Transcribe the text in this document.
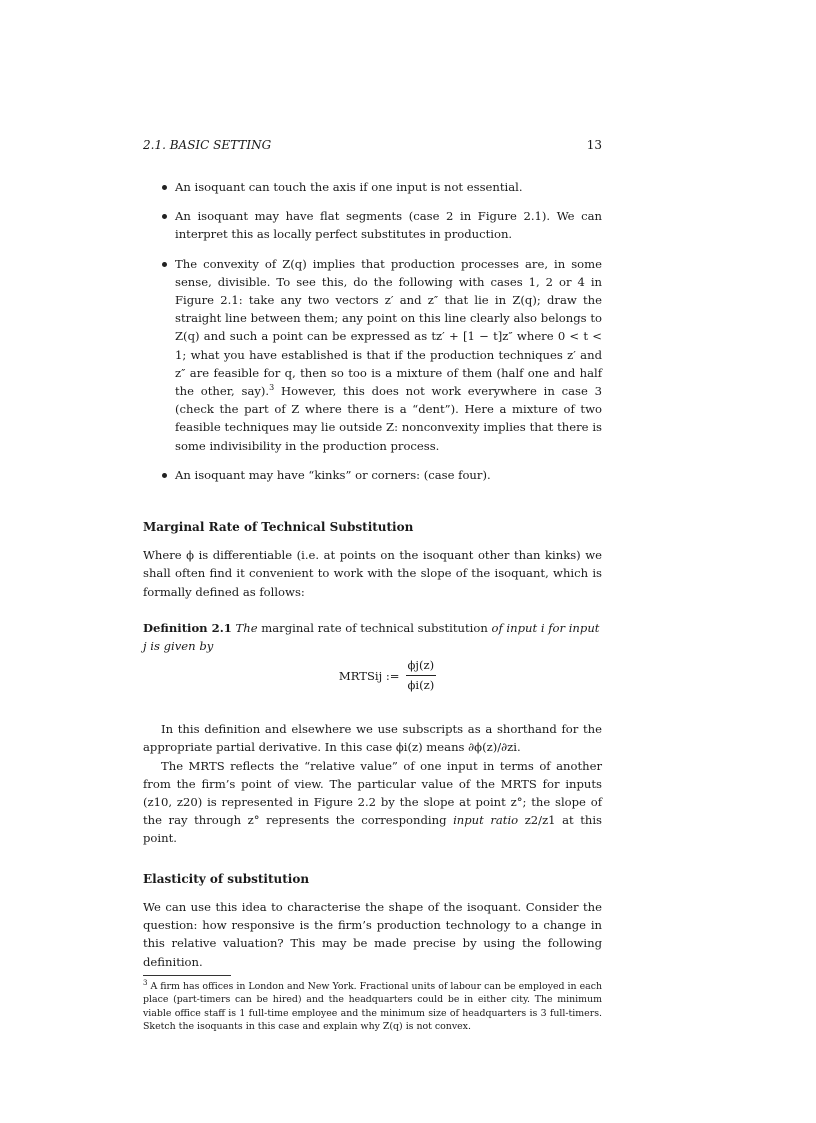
2.1. BASIC SETTING	13
An isoquant can touch the axis if one input is not essential.
An isoquant may have flat segments (case 2 in Figure 2.1). We can interpret this as locally perfect substitutes in production.
The convexity of Z(q) implies that production processes are, in some sense, divisible. To see this, do the following with cases 1, 2 or 4 in Figure 2.1: take any two vectors z′ and z″ that lie in Z(q); draw the straight line between them; any point on this line clearly also belongs to Z(q) and such a point can be expressed as tz′ + [1 − t]z″ where 0 < t < 1; what you have established is that if the production techniques z′ and z″ are feasible for q, then so too is a mixture of them (half one and half the other, say).$^3$ However, this does not work everywhere in case 3 (check the part of Z where there is a “dent”). Here a mixture of two feasible techniques may lie outside Z: nonconvexity implies that there is some indivisibility in the production process.
An isoquant may have “kinks” or corners: (case four).
Marginal Rate of Technical Substitution

Where ϕ is differentiable (i.e. at points on the isoquant other than kinks) we shall often find it convenient to work with the slope of the isoquant, which is formally defined as follows:

Definition 2.1 The marginal rate of technical substitution of input i for input j is given by
MRTSij := $\frac{\phi j(z)}{\phi i(z)}$

In this definition and elsewhere we use subscripts as a shorthand for the appropriate partial derivative. In this case ϕi(z) means ∂ϕ(z)/∂zi.

The MRTS reflects the “relative value” of one input in terms of another from the firm’s point of view. The particular value of the MRTS for inputs (z10, z20) is represented in Figure 2.2 by the slope at point z°; the slope of the ray through z° represents the corresponding input ratio z2/z1 at this point.

Elasticity of substitution

We can use this idea to characterise the shape of the isoquant. Consider the question: how responsive is the firm’s production technology to a change in this relative valuation? This may be made precise by using the following definition.

$^3$ A firm has offices in London and New York. Fractional units of labour can be employed in each place (part-timers can be hired) and the headquarters could be in either city. The minimum viable office staff is 1 full-time employee and the minimum size of headquarters is 3 full-timers. Sketch the isoquants in this case and explain why Z(q) is not convex.
